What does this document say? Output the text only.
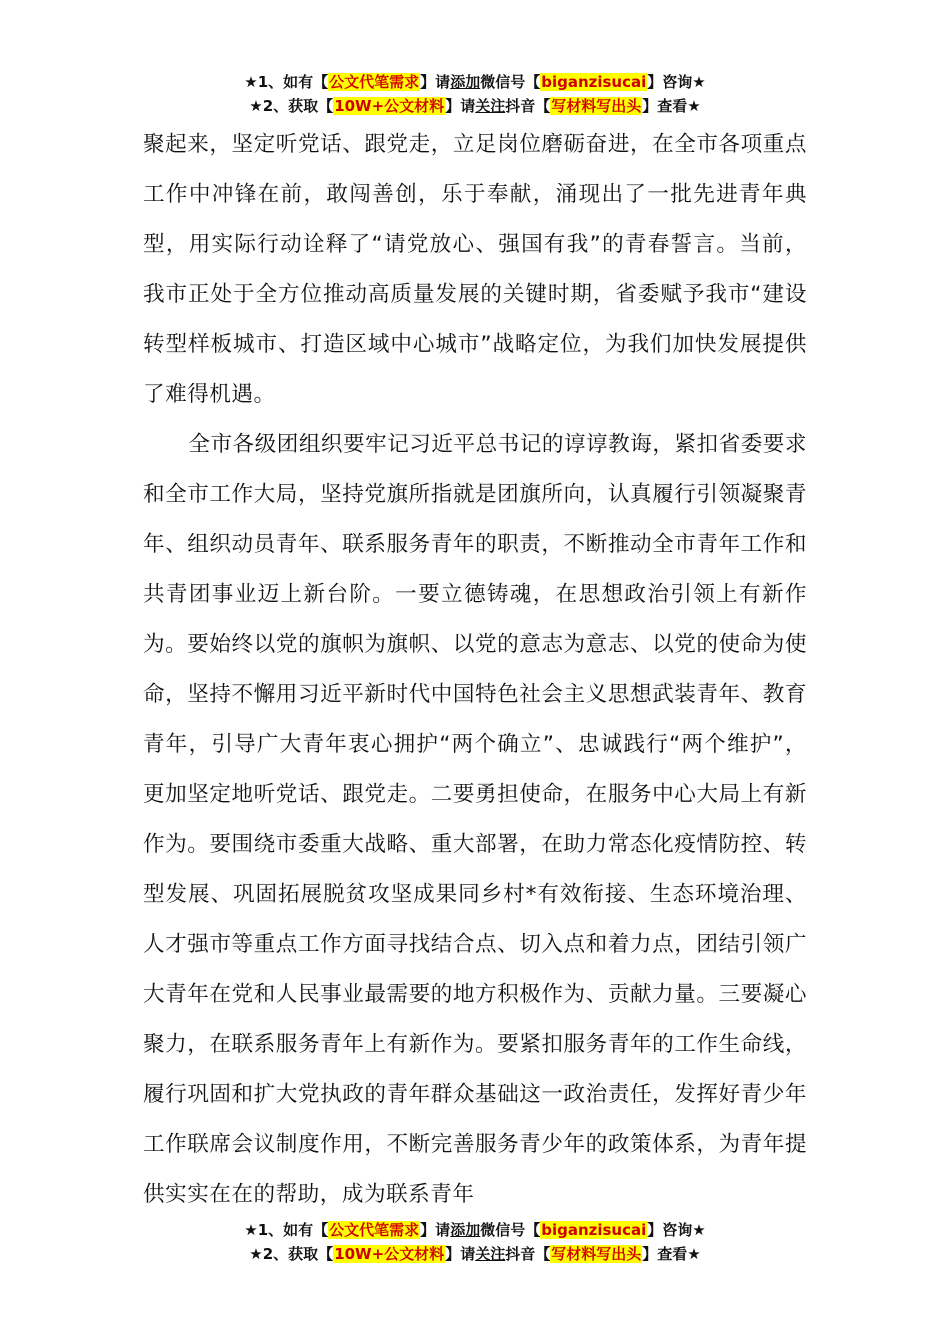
★1、如有【公文代笔需求】请添加微信号【biganzisucai】咨询★
★2、获取【10W+公文材料】请关注抖音【写材料写出头】查看★

聚起来，坚定听党话、跟党走，立足岗位磨砺奋进，在全市各项重点工作中冲锋在前，敢闯善创，乐于奉献，涌现出了一批先进青年典型，用实际行动诠释了“请党放心、强国有我”的青春誓言。当前，我市正处于全方位推动高质量发展的关键时期，省委赋予我市“建设转型样板城市、打造区域中心城市”战略定位，为我们加快发展提供了难得机遇。

全市各级团组织要牢记习近平总书记的谆谆教诲，紧扣省委要求和全市工作大局，坚持党旗所指就是团旗所向，认真履行引领凝聚青年、组织动员青年、联系服务青年的职责，不断推动全市青年工作和共青团事业迈上新台阶。一要立德铸魂，在思想政治引领上有新作为。要始终以党的旗帜为旗帜、以党的意志为意志、以党的使命为使命，坚持不懈用习近平新时代中国特色社会主义思想武装青年、教育青年，引导广大青年衷心拥护“两个确立”、忠诚践行“两个维护”，更加坚定地听党话、跟党走。二要勇担使命，在服务中心大局上有新作为。要围绕市委重大战略、重大部署，在助力常态化疫情防控、转型发展、巩固拓展脱贫攻坚成果同乡村*有效衔接、生态环境治理、人才强市等重点工作方面寻找结合点、切入点和着力点，团结引领广大青年在党和人民事业最需要的地方积极作为、贡献力量。三要凝心聚力，在联系服务青年上有新作为。要紧扣服务青年的工作生命线，履行巩固和扩大党执政的青年群众基础这一政治责任，发挥好青少年工作联席会议制度作用，不断完善服务青少年的政策体系，为青年提供实实在在的帮助，成为联系青年

★1、如有【公文代笔需求】请添加微信号【biganzisucai】咨询★
★2、获取【10W+公文材料】请关注抖音【写材料写出头】查看★
